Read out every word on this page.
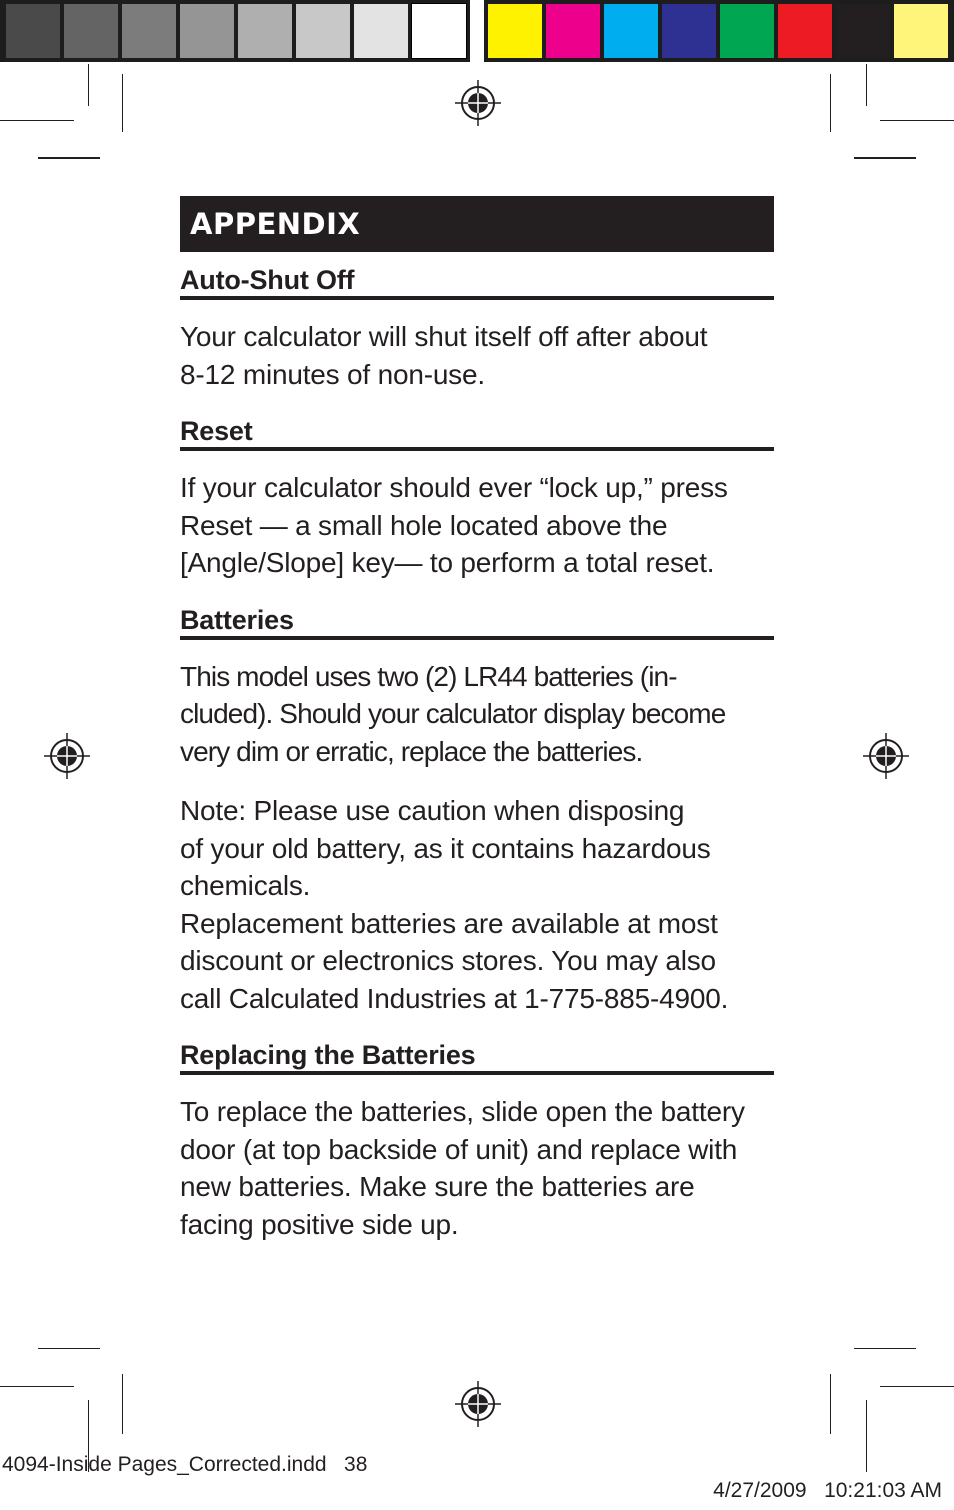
APPENDIX
Auto-Shut Off

Your calculator will shut itself off after about
8-12 minutes of non-use.

Reset

If your calculator should ever “lock up,” press
Reset — a small hole located above the
[Angle/Slope] key— to perform a total reset.

Batteries

This model uses two (2) LR44 batteries (in-
cluded). Should your calculator display become
very dim or erratic, replace the batteries.

Note: Please use caution when disposing
of your old battery, as it contains hazardous
chemicals.
Replacement batteries are available at most
discount or electronics stores. You may also
call Calculated Industries at 1-775-885-4900.

Replacing the Batteries

To replace the batteries, slide open the battery
door (at top backside of unit) and replace with
new batteries. Make sure the batteries are
facing positive side up.

4094-Inside Pages_Corrected.indd   38

4/27/2009   10:21:03 AM
